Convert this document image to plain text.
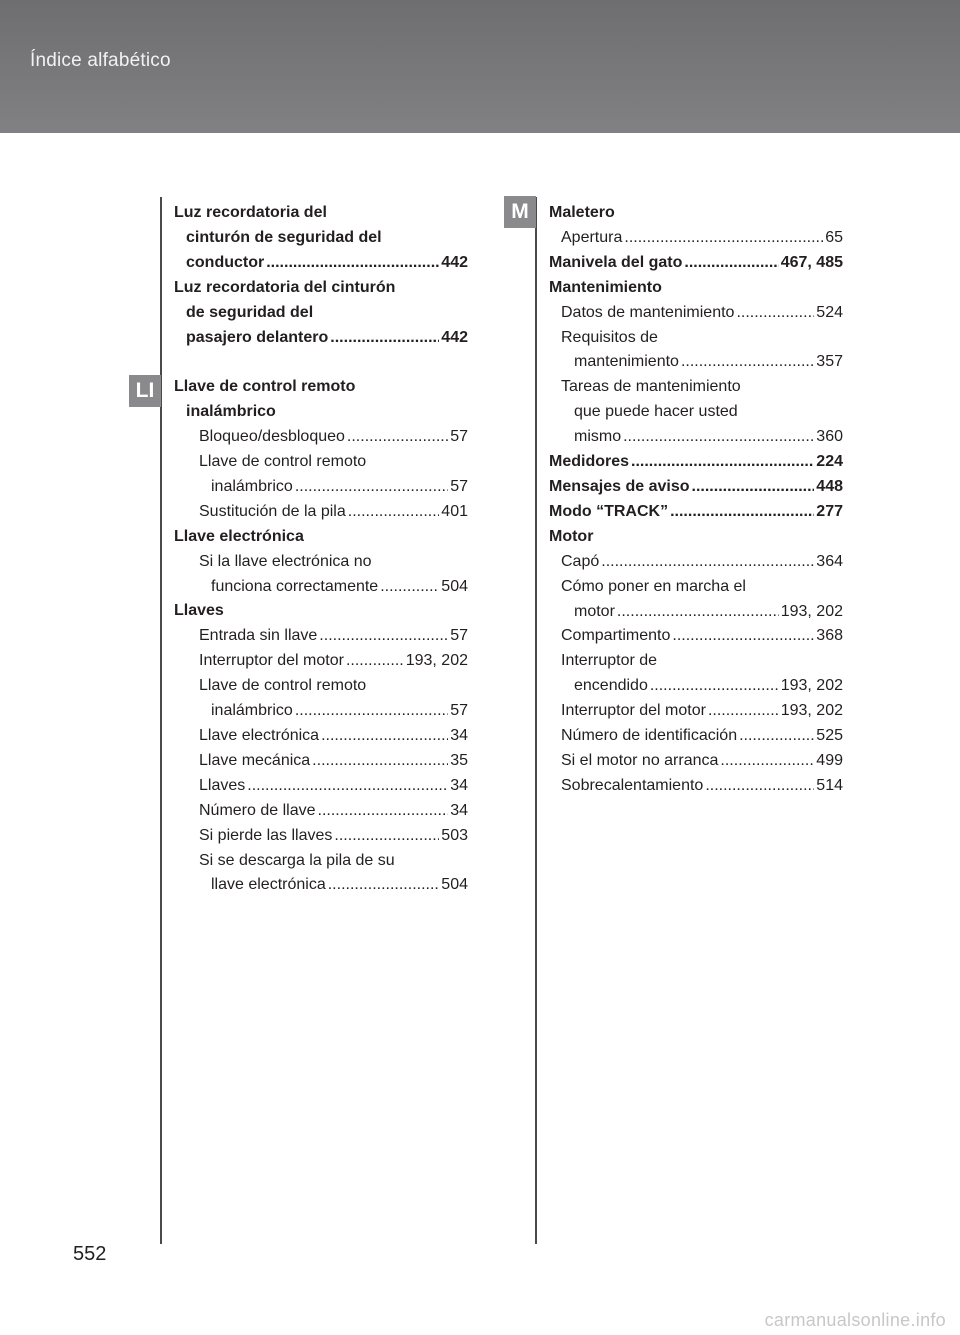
Índice alfabético
LI
M
Luz recordatoria del
cinturón de seguridad del
conductor .....	442
Luz recordatoria del cinturón
de seguridad del
pasajero delantero .....	442
Llave de control remoto
inalámbrico
Bloqueo/desbloqueo .....	57
Llave de control remoto
inalámbrico .....	57
Sustitución de la pila .....	401
Llave electrónica
Si la llave electrónica no
funciona correctamente .....	504
Llaves
Entrada sin llave .....	57
Interruptor del motor .....	193, 202
Llave de control remoto
inalámbrico .....	57
Llave electrónica .....	34
Llave mecánica .....	35
Llaves .....	34
Número de llave .....	34
Si pierde las llaves .....	503
Si se descarga la pila de su
llave electrónica .....	504
Maletero
Apertura .....	65
Manivela del gato .....	467, 485
Mantenimiento
Datos de mantenimiento .....	524
Requisitos de
mantenimiento .....	357
Tareas de mantenimiento
que puede hacer usted
mismo .....	360
Medidores .....	224
Mensajes de aviso .....	448
Modo “TRACK” .....	277
Motor
Capó .....	364
Cómo poner en marcha el
motor .....	193, 202
Compartimento .....	368
Interruptor de
encendido .....	193, 202
Interruptor del motor .....	193, 202
Número de identificación .....	525
Si el motor no arranca .....	499
Sobrecalentamiento .....	514
552
carmanualsonline.info
